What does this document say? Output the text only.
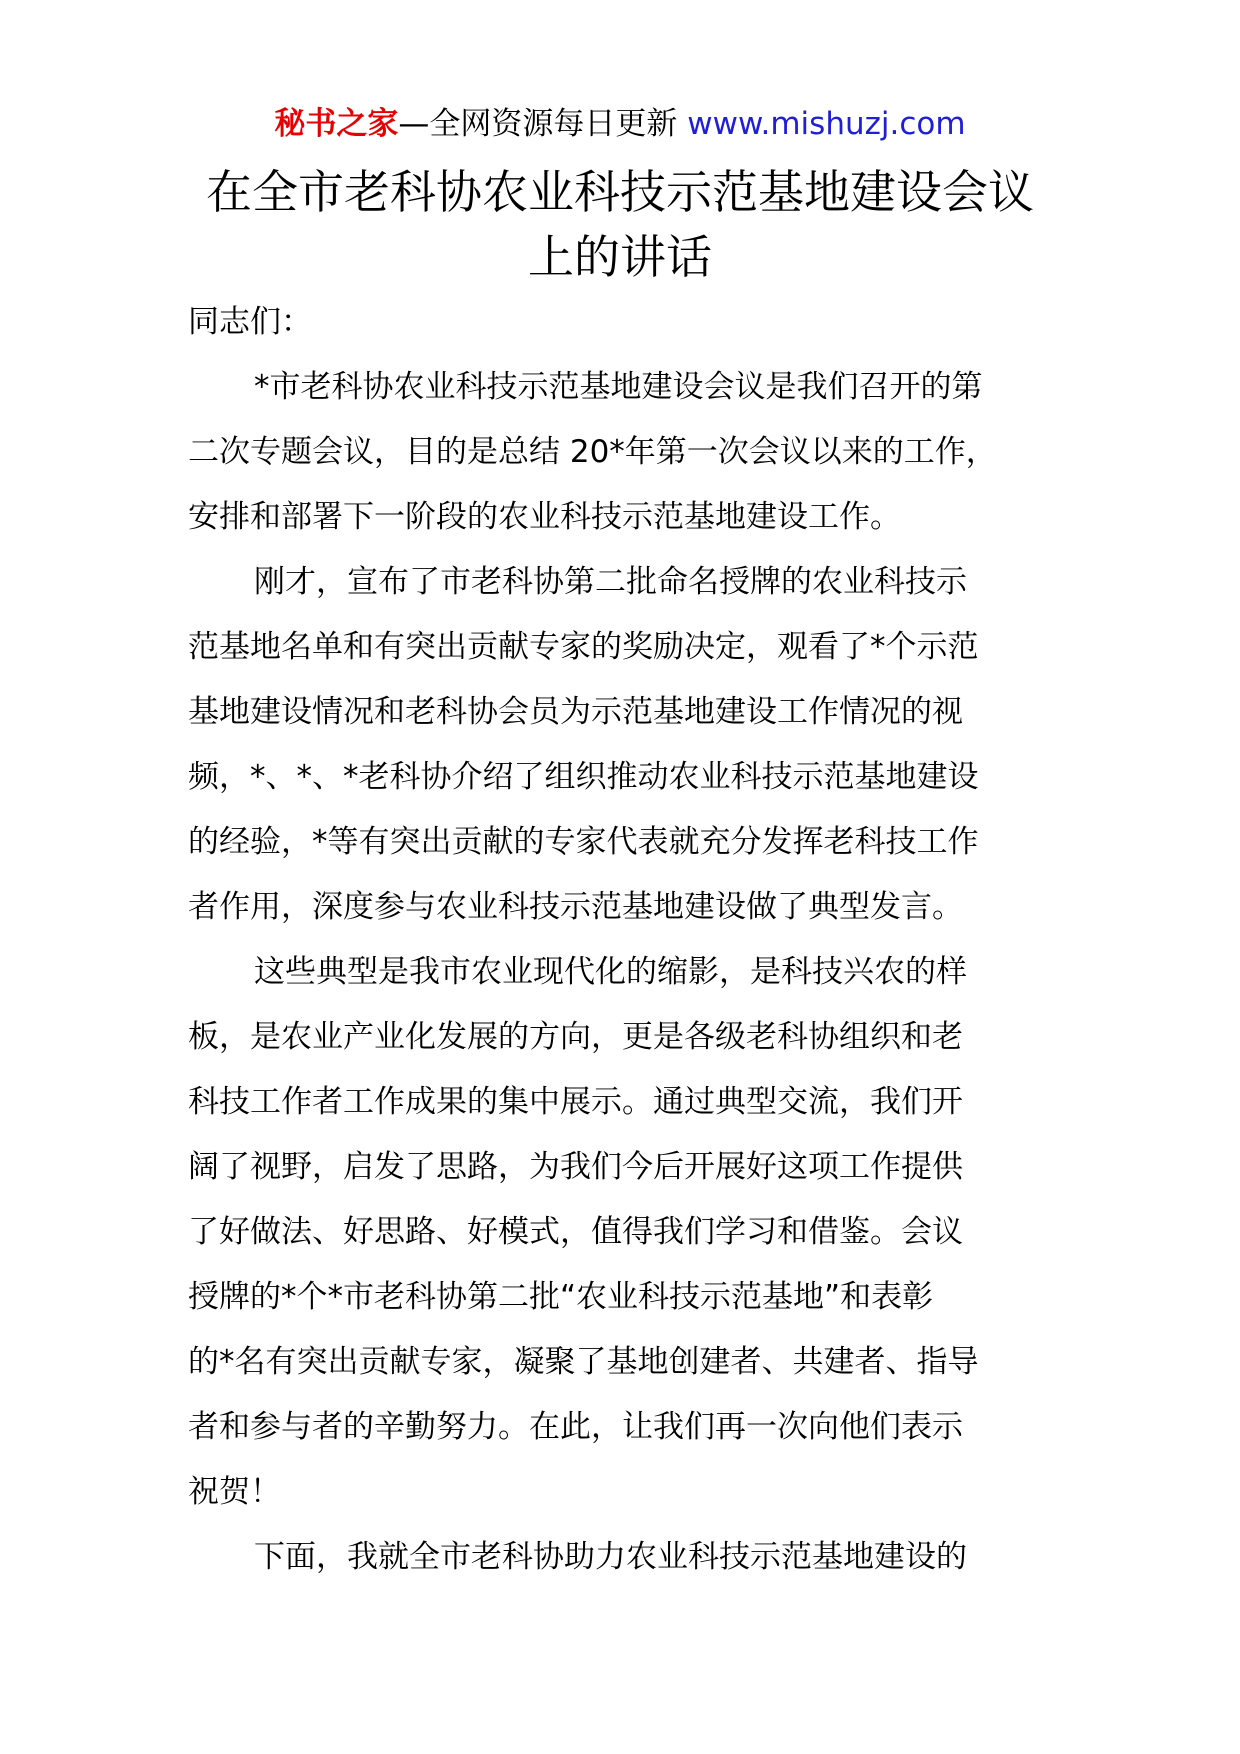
秘书之家—全网资源每日更新 www.mishuzj.com
在全市老科协农业科技示范基地建设会议
上的讲话
同志们：
*市老科协农业科技示范基地建设会议是我们召开的第
二次专题会议，目的是总结 20*年第一次会议以来的工作，
安排和部署下一阶段的农业科技示范基地建设工作。
刚才，宣布了市老科协第二批命名授牌的农业科技示
范基地名单和有突出贡献专家的奖励决定，观看了*个示范
基地建设情况和老科协会员为示范基地建设工作情况的视
频，*、*、*老科协介绍了组织推动农业科技示范基地建设
的经验，*等有突出贡献的专家代表就充分发挥老科技工作
者作用，深度参与农业科技示范基地建设做了典型发言。
这些典型是我市农业现代化的缩影，是科技兴农的样
板，是农业产业化发展的方向，更是各级老科协组织和老
科技工作者工作成果的集中展示。通过典型交流，我们开
阔了视野，启发了思路，为我们今后开展好这项工作提供
了好做法、好思路、好模式，值得我们学习和借鉴。会议
授牌的*个*市老科协第二批“农业科技示范基地”和表彰
的*名有突出贡献专家，凝聚了基地创建者、共建者、指导
者和参与者的辛勤努力。在此，让我们再一次向他们表示
祝贺！
下面，我就全市老科协助力农业科技示范基地建设的
